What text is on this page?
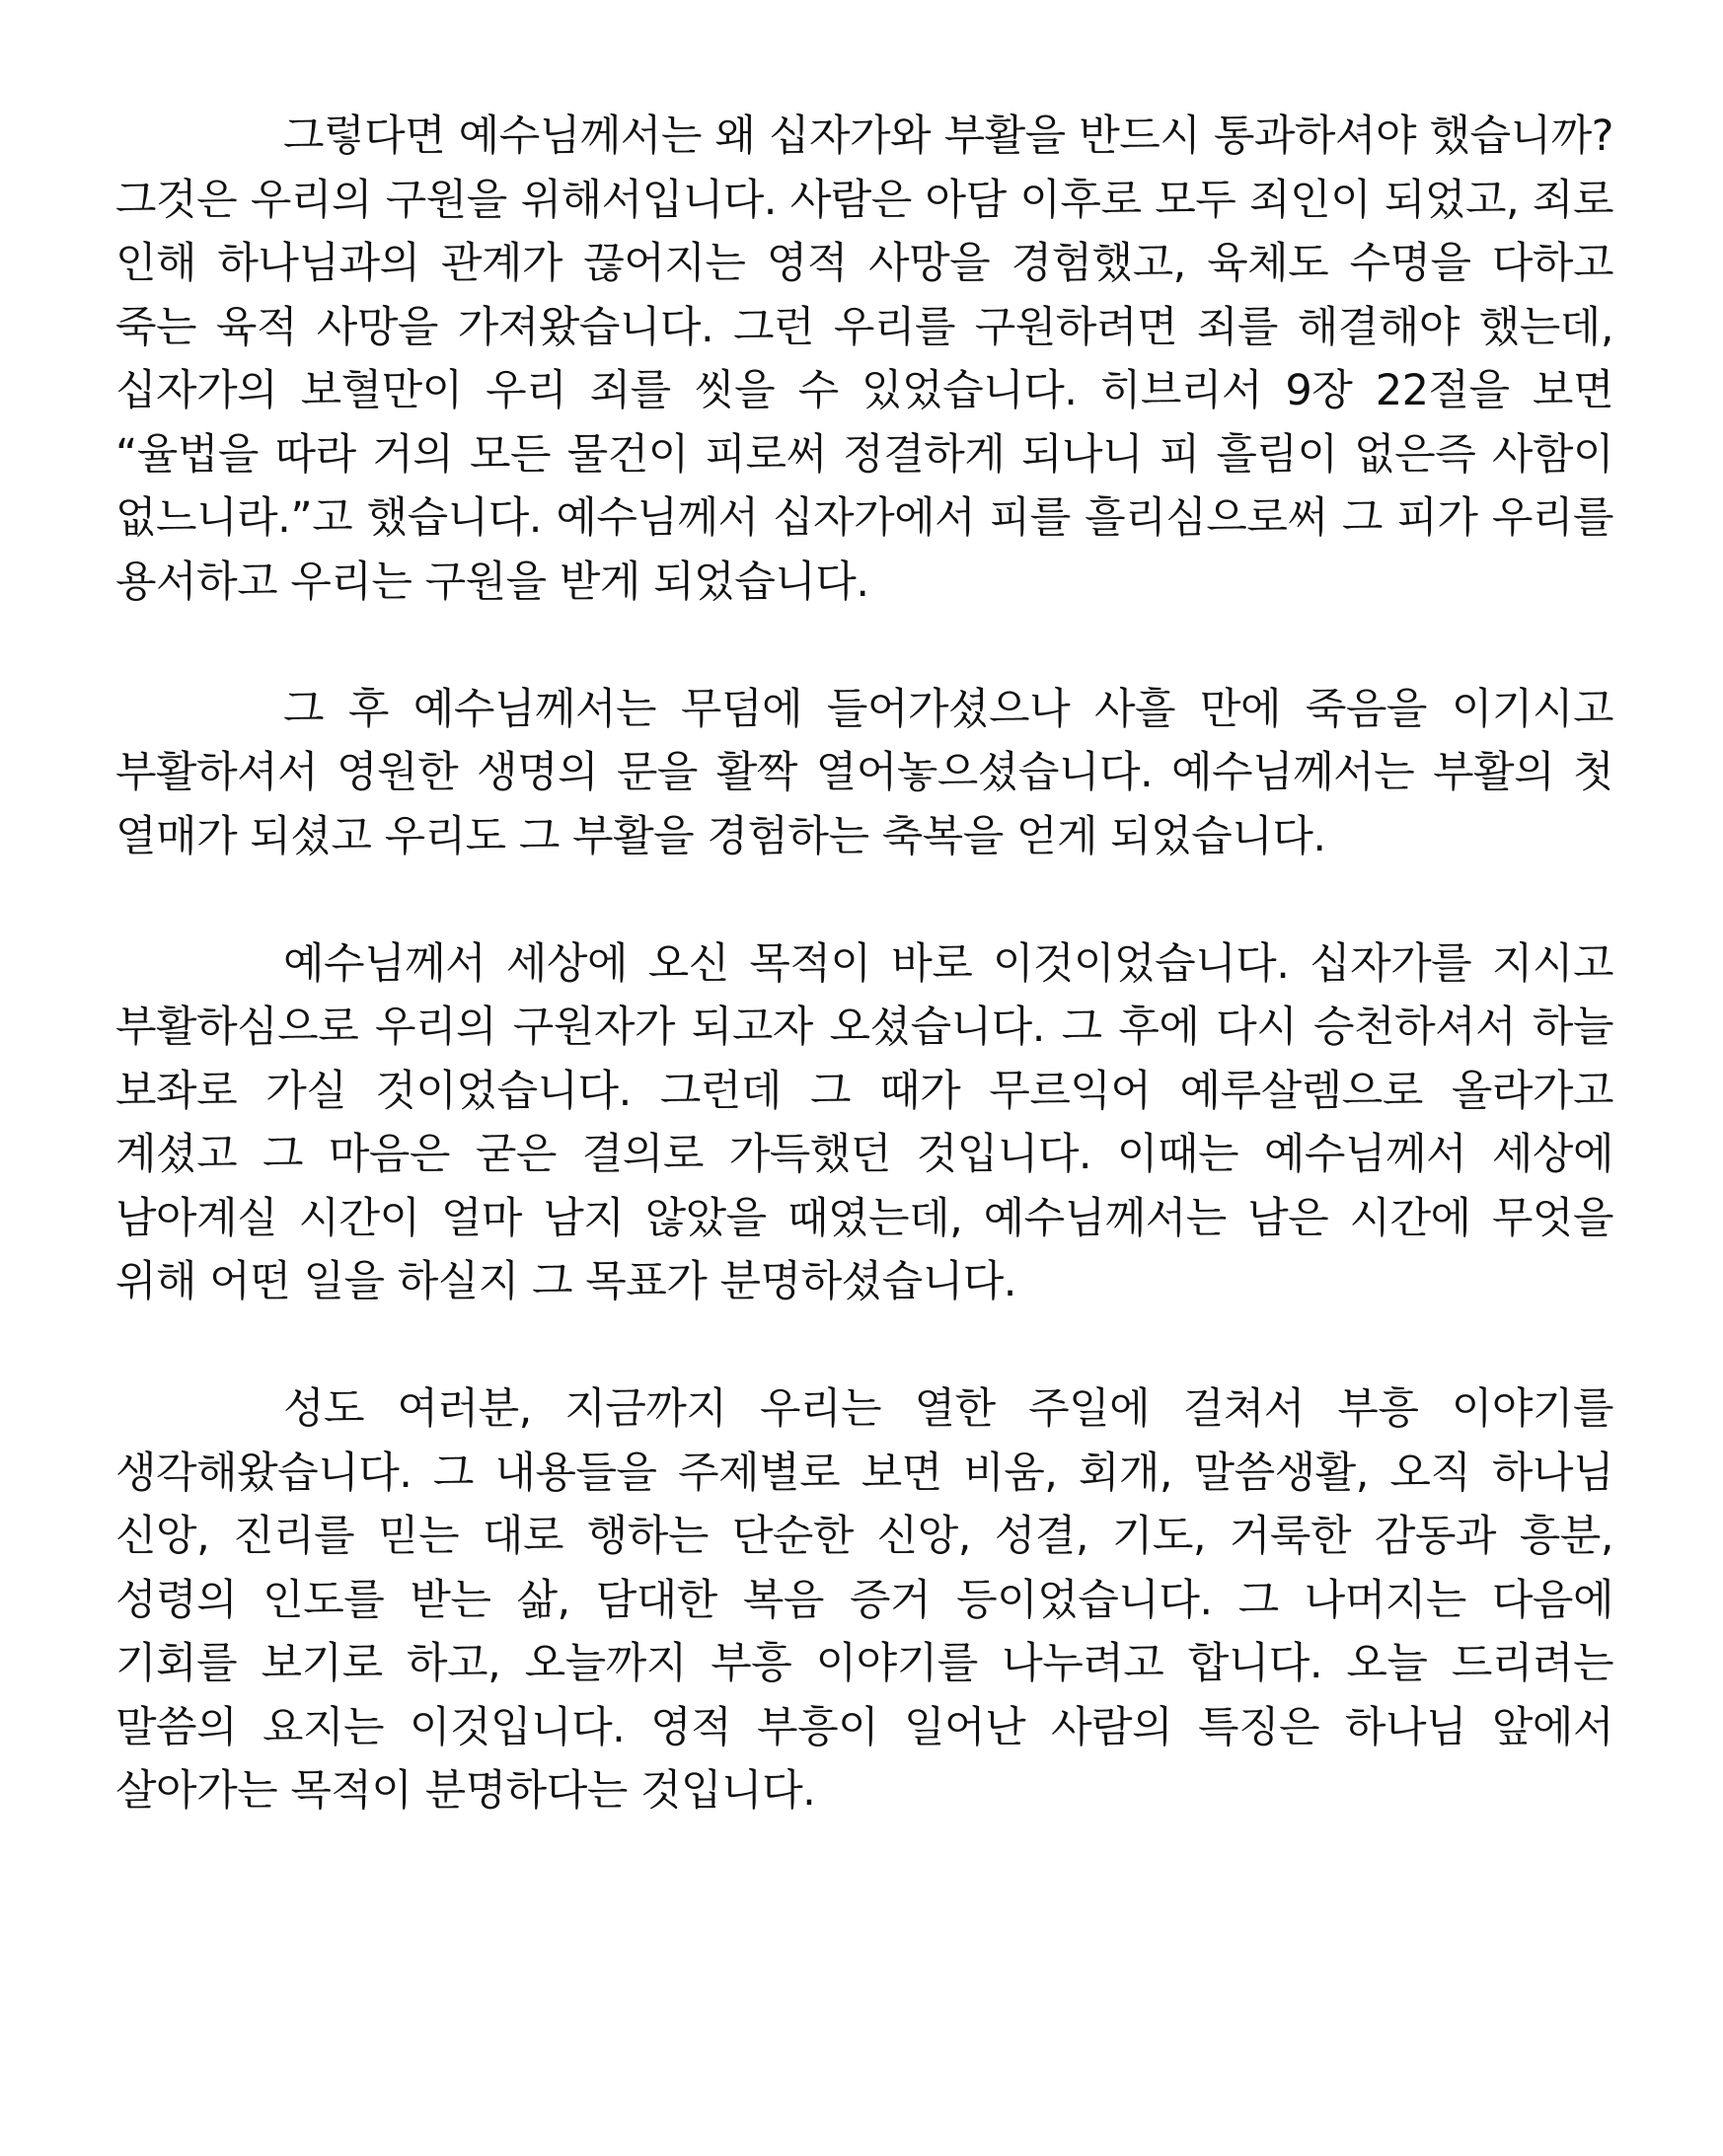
그렇다면 예수님께서는 왜 십자가와 부활을 반드시 통과하셔야 했습니까? 그것은 우리의 구원을 위해서입니다. 사람은 아담 이후로 모두 죄인이 되었고, 죄로 인해 하나님과의 관계가 끊어지는 영적 사망을 경험했고, 육체도 수명을 다하고 죽는 육적 사망을 가져왔습니다. 그런 우리를 구원하려면 죄를 해결해야 했는데, 십자가의 보혈만이 우리 죄를 씻을 수 있었습니다. 히브리서 9장 22절을 보면 “율법을 따라 거의 모든 물건이 피로써 정결하게 되나니 피 흘림이 없은즉 사함이 없느니라.”고 했습니다. 예수님께서 십자가에서 피를 흘리심으로써 그 피가 우리를 용서하고 우리는 구원을 받게 되었습니다.

그 후 예수님께서는 무덤에 들어가셨으나 사흘 만에 죽음을 이기시고 부활하셔서 영원한 생명의 문을 활짝 열어놓으셨습니다. 예수님께서는 부활의 첫 열매가 되셨고 우리도 그 부활을 경험하는 축복을 얻게 되었습니다.

예수님께서 세상에 오신 목적이 바로 이것이었습니다. 십자가를 지시고 부활하심으로 우리의 구원자가 되고자 오셨습니다. 그 후에 다시 승천하셔서 하늘 보좌로 가실 것이었습니다. 그런데 그 때가 무르익어 예루살렘으로 올라가고 계셨고 그 마음은 굳은 결의로 가득했던 것입니다. 이때는 예수님께서 세상에 남아계실 시간이 얼마 남지 않았을 때였는데, 예수님께서는 남은 시간에 무엇을 위해 어떤 일을 하실지 그 목표가 분명하셨습니다.

성도 여러분, 지금까지 우리는 열한 주일에 걸쳐서 부흥 이야기를 생각해왔습니다. 그 내용들을 주제별로 보면 비움, 회개, 말씀생활, 오직 하나님 신앙, 진리를 믿는 대로 행하는 단순한 신앙, 성결, 기도, 거룩한 감동과 흥분, 성령의 인도를 받는 삶, 담대한 복음 증거 등이었습니다. 그 나머지는 다음에 기회를 보기로 하고, 오늘까지 부흥 이야기를 나누려고 합니다. 오늘 드리려는 말씀의 요지는 이것입니다. 영적 부흥이 일어난 사람의 특징은 하나님 앞에서 살아가는 목적이 분명하다는 것입니다.
